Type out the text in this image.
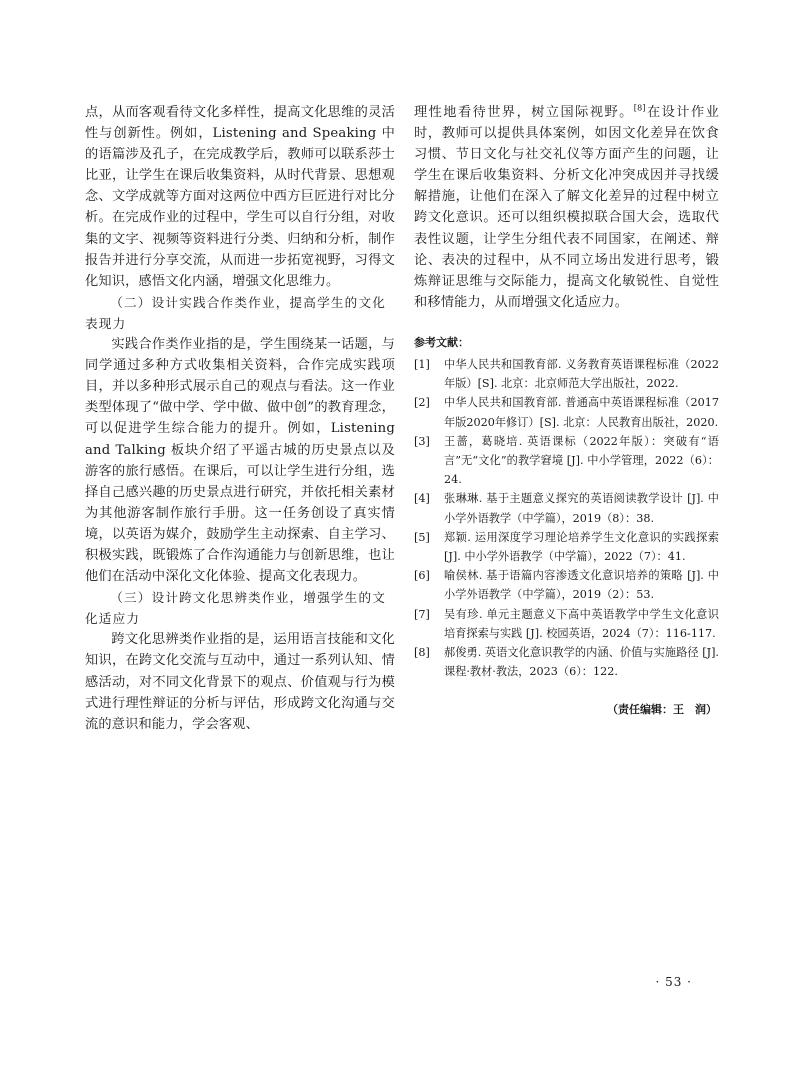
点，从而客观看待文化多样性，提高文化思维的灵活性与创新性。例如，Listening and Speaking 中的语篇涉及孔子，在完成教学后，教师可以联系莎士比亚，让学生在课后收集资料，从时代背景、思想观念、文学成就等方面对这两位中西方巨匠进行对比分析。在完成作业的过程中，学生可以自行分组，对收集的文字、视频等资料进行分类、归纳和分析，制作报告并进行分享交流，从而进一步拓宽视野，习得文化知识，感悟文化内涵，增强文化思维力。

（二）设计实践合作类作业，提高学生的文化表现力

实践合作类作业指的是，学生围绕某一话题，与同学通过多种方式收集相关资料，合作完成实践项目，并以多种形式展示自己的观点与看法。这一作业类型体现了“做中学、学中做、做中创”的教育理念，可以促进学生综合能力的提升。例如，Listening and Talking 板块介绍了平遥古城的历史景点以及游客的旅行感悟。在课后，可以让学生进行分组，选择自己感兴趣的历史景点进行研究，并依托相关素材为其他游客制作旅行手册。这一任务创设了真实情境，以英语为媒介，鼓励学生主动探索、自主学习、积极实践，既锻炼了合作沟通能力与创新思维，也让他们在活动中深化文化体验、提高文化表现力。

（三）设计跨文化思辨类作业，增强学生的文化适应力

跨文化思辨类作业指的是，运用语言技能和文化知识，在跨文化交流与互动中，通过一系列认知、情感活动，对不同文化背景下的观点、价值观与行为模式进行理性辩证的分析与评估，形成跨文化沟通与交流的意识和能力，学会客观、

理性地看待世界，树立国际视野。[8]在设计作业时，教师可以提供具体案例，如因文化差异在饮食习惯、节日文化与社交礼仪等方面产生的问题，让学生在课后收集资料、分析文化冲突成因并寻找缓解措施，让他们在深入了解文化差异的过程中树立跨文化意识。还可以组织模拟联合国大会，选取代表性议题，让学生分组代表不同国家，在阐述、辩论、表决的过程中，从不同立场出发进行思考，锻炼辩证思维与交际能力，提高文化敏锐性、自觉性和移情能力，从而增强文化适应力。

参考文献：
[1] 中华人民共和国教育部. 义务教育英语课程标准（2022年版）[S]. 北京：北京师范大学出版社，2022.
[2] 中华人民共和国教育部. 普通高中英语课程标准（2017年版2020年修订）[S]. 北京：人民教育出版社，2020.
[3] 王蔷，葛晓培. 英语课标（2022年版）：突破有“语言”无“文化”的教学窘境 [J]. 中小学管理，2022（6）：24.
[4] 张琳琳. 基于主题意义探究的英语阅读教学设计 [J]. 中小学外语教学（中学篇），2019（8）：38.
[5] 郑颖. 运用深度学习理论培养学生文化意识的实践探索 [J]. 中小学外语教学（中学篇），2022（7）：41.
[6] 喻侯林. 基于语篇内容渗透文化意识培养的策略 [J]. 中小学外语教学（中学篇），2019（2）：53.
[7] 吴有珍. 单元主题意义下高中英语教学中学生文化意识培育探索与实践 [J]. 校园英语，2024（7）：116-117.
[8] 郝俊勇. 英语文化意识教学的内涵、价值与实施路径 [J]. 课程·教材·教法，2023（6）：122.
（责任编辑：王　润）
· 53 ·
